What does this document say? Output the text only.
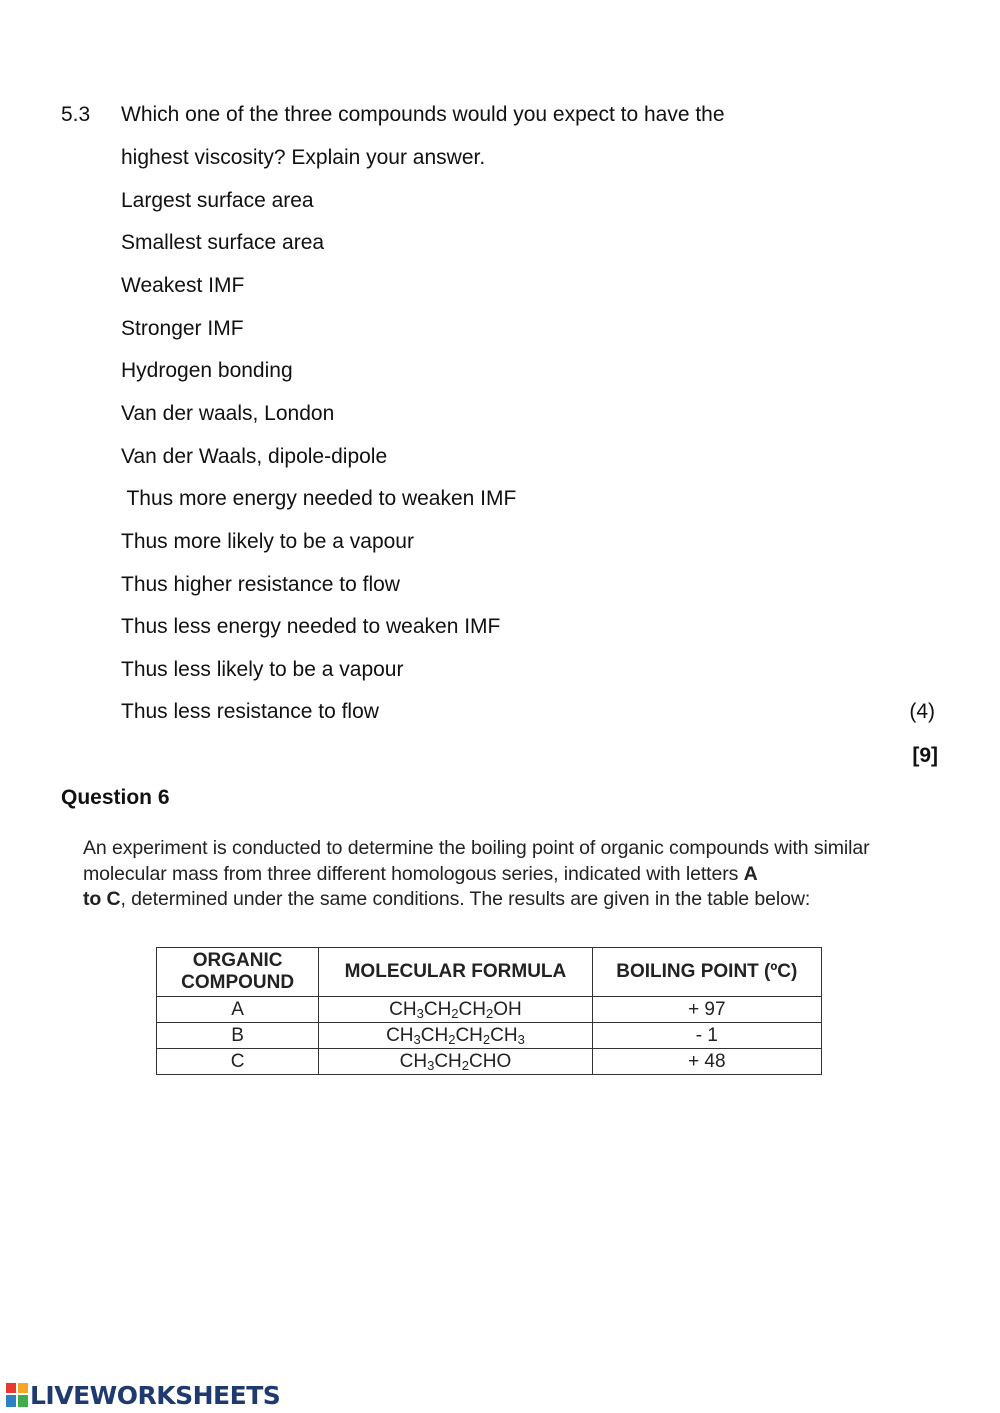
5.3 Which one of the three compounds would you expect to have the
highest viscosity? Explain your answer.
Largest surface area
Smallest surface area
Weakest IMF
Stronger IMF
Hydrogen bonding
Van der waals, London
Van der Waals, dipole-dipole
Thus more energy needed to weaken IMF
Thus more likely to be a vapour
Thus higher resistance to flow
Thus less energy needed to weaken IMF
Thus less likely to be a vapour
Thus less resistance to flow	(4)
[9]
Question 6
An experiment is conducted to determine the boiling point of organic compounds with similar molecular mass from three different homologous series, indicated with letters A
to C, determined under the same conditions. The results are given in the table below:
ORGANIC
COMPOUND	MOLECULAR FORMULA	BOILING POINT (ºC)
A	$CH_3CH_2CH_2OH$	+ 97
B	$CH_3CH_2CH_2CH_3$	- 1
C	$CH_3CH_2CHO$	+ 48
LIVEWORKSHEETS
